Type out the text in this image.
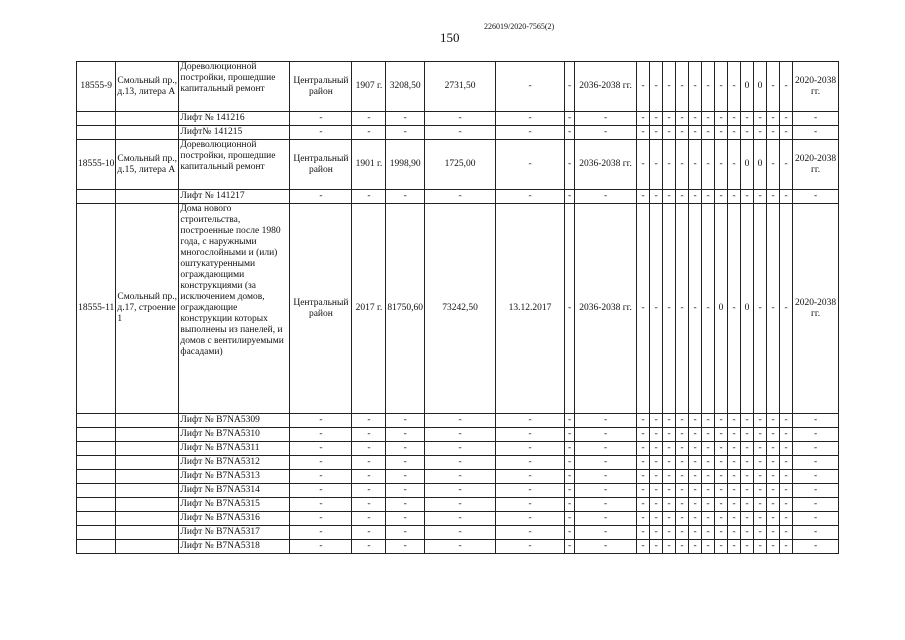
226019/2020-7565(2)
150
18555-9	Смольный пр., д.13, литера А	Дореволюционной постройки, прошедшие капитальный ремонт	Центральный район	1907 г.	3208,50	2731,50	-	-	2036-2038 гг.	-	-	-	-	-	-	-	-	0	0	-	-	2020-2038 гг.
		Лифт № 141216	-	-	-	-	-	-	-	-	-	-	-	-	-	-	-	-	-	-	-	-
		Лифт№ 141215	-	-	-	-	-	-	-	-	-	-	-	-	-	-	-	-	-	-	-	-
18555-10	Смольный пр., д.15, литера А	Дореволюционной постройки, прошедшие капитальный ремонт	Центральный район	1901 г.	1998,90	1725,00	-	-	2036-2038 гг.	-	-	-	-	-	-	-	-	0	0	-	-	2020-2038 гг.
		Лифт № 141217	-	-	-	-	-	-	-	-	-	-	-	-	-	-	-	-	-	-	-	-
18555-11	Смольный пр., д.17, строение 1	Дома нового строительства, построенные после 1980 года, с наружными многослойными и (или) оштукатуренными ограждающими конструкциями (за исключением домов, ограждающие конструкции которых выполнены из панелей, и домов с вентилируемыми фасадами)	Центральный район	2017 г.	81750,60	73242,50	13.12.2017	-	2036-2038 гг.	-	-	-	-	-	-	0	-	0	-	-	-	2020-2038 гг.
		Лифт № B7NA5309	-	-	-	-	-	-	-	-	-	-	-	-	-	-	-	-	-	-	-	-
		Лифт № B7NA5310	-	-	-	-	-	-	-	-	-	-	-	-	-	-	-	-	-	-	-	-
		Лифт № B7NA5311	-	-	-	-	-	-	-	-	-	-	-	-	-	-	-	-	-	-	-	-
		Лифт № B7NA5312	-	-	-	-	-	-	-	-	-	-	-	-	-	-	-	-	-	-	-	-
		Лифт № B7NA5313	-	-	-	-	-	-	-	-	-	-	-	-	-	-	-	-	-	-	-	-
		Лифт № B7NA5314	-	-	-	-	-	-	-	-	-	-	-	-	-	-	-	-	-	-	-	-
		Лифт № B7NA5315	-	-	-	-	-	-	-	-	-	-	-	-	-	-	-	-	-	-	-	-
		Лифт № B7NA5316	-	-	-	-	-	-	-	-	-	-	-	-	-	-	-	-	-	-	-	-
		Лифт № B7NA5317	-	-	-	-	-	-	-	-	-	-	-	-	-	-	-	-	-	-	-	-
		Лифт № B7NA5318	-	-	-	-	-	-	-	-	-	-	-	-	-	-	-	-	-	-	-	-
